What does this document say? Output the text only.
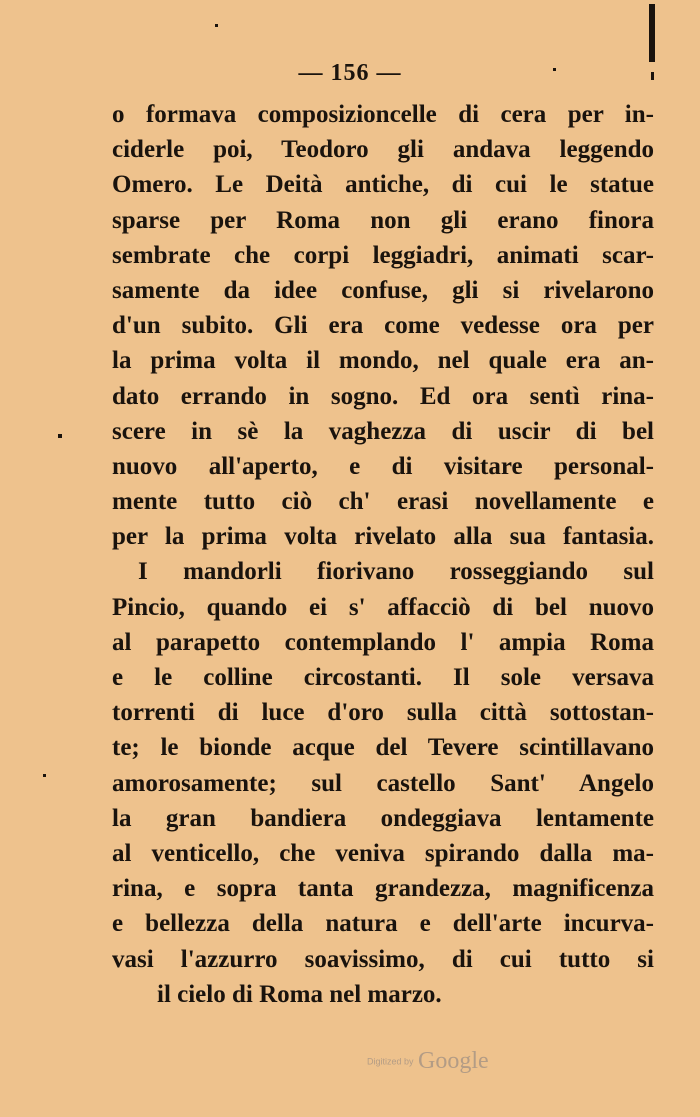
— 156 —
o formava composizioncelle di cera per in-
ciderle poi, Teodoro gli andava leggendo
Omero. Le Deità antiche, di cui le statue
sparse per Roma non gli erano finora
sembrate che corpi leggiadri, animati scar-
samente da idee confuse, gli si rivelarono
d'un subito. Gli era come vedesse ora per
la prima volta il mondo, nel quale era an-
dato errando in sogno. Ed ora sentì rina-
scere in sè la vaghezza di uscir di bel
nuovo all'aperto, e di visitare personal-
mente tutto ciò ch' erasi novellamente e
per la prima volta rivelato alla sua fantasia.
I mandorli fiorivano rosseggiando sul
Pincio, quando ei s' affacciò di bel nuovo
al parapetto contemplando l' ampia Roma
e le colline circostanti. Il sole versava
torrenti di luce d'oro sulla città sottostan-
te; le bionde acque del Tevere scintillavano
amorosamente; sul castello Sant' Angelo
la gran bandiera ondeggiava lentamente
al venticello, che veniva spirando dalla ma-
rina, e sopra tanta grandezza, magnificenza
e bellezza della natura e dell'arte incurva-
vasi l'azzurro soavissimo, di cui tutto si
il cielo di Roma nel marzo.
Digitized by Google
